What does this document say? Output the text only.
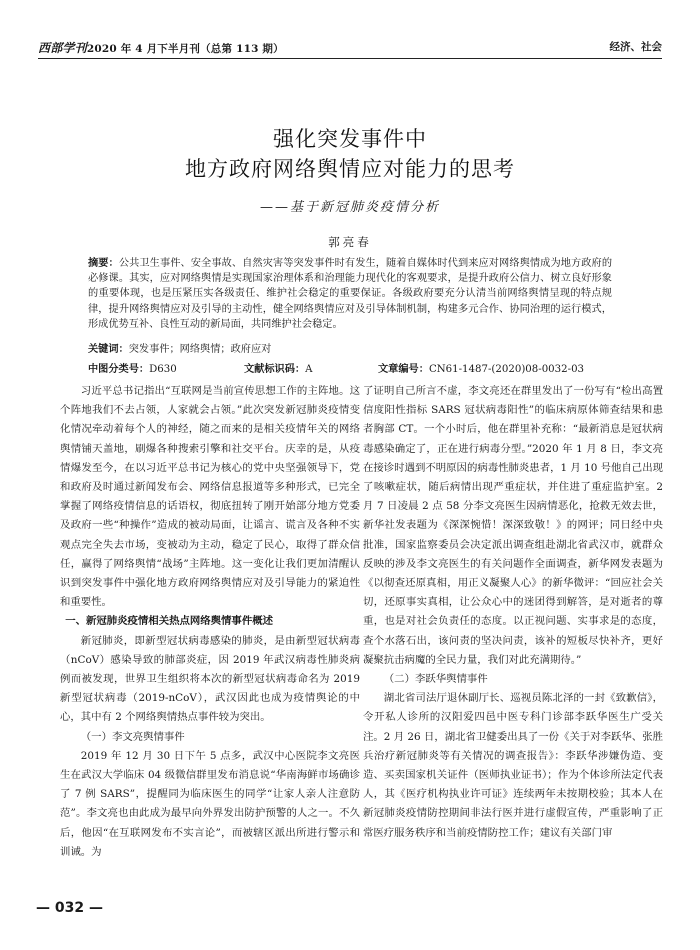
西部学刊2020 年 4 月下半月刊（总第 113 期）	经济、社会
强化突发事件中
地方政府网络舆情应对能力的思考
——基于新冠肺炎疫情分析
郭亮春
摘要：公共卫生事件、安全事故、自然灾害等突发事件时有发生，随着自媒体时代到来应对网络舆情成为地方政府的必修课。其实，应对网络舆情是实现国家治理体系和治理能力现代化的客观要求，是提升政府公信力、树立良好形象的重要体现，也是压紧压实各级责任、维护社会稳定的重要保证。各级政府要充分认清当前网络舆情呈现的特点规律，提升网络舆情应对及引导的主动性，健全网络舆情应对及引导体制机制，构建多元合作、协同治理的运行模式，形成优势互补、良性互动的新局面，共同维护社会稳定。
关键词：突发事件；网络舆情；政府应对
中图分类号：D630	文献标识码：A	文章编号：CN61-1487-(2020)08-0032-03

习近平总书记指出“互联网是当前宣传思想工作的主阵地。这个阵地我们不去占领，人家就会占领。”此次突发新冠肺炎疫情变化情况牵动着每个人的神经，随之而来的是相关疫情年关的网络舆情铺天盖地，刷爆各种搜索引擎和社交平台。庆幸的是，从疫情爆发至今，在以习近平总书记为核心的党中央坚强领导下，党和政府及时通过新闻发布会、网络信息报道等多种形式，已完全掌握了网络疫情信息的话语权，彻底扭转了刚开始部分地方党委及政府一些“种操作”造成的被动局面，让谣言、谎言及各种不实观点完全失去市场，变被动为主动，稳定了民心，取得了群众信任，赢得了网络舆情“战场”主阵地。这一变化让我们更加清醒认识到突发事件中强化地方政府网络舆情应对及引导能力的紧迫性和重要性。

一、新冠肺炎疫情相关热点网络舆情事件概述

新冠肺炎，即新型冠状病毒感染的肺炎，是由新型冠状病毒（nCoV）感染导致的肺部炎症，因 2019 年武汉病毒性肺炎病例而被发现，世界卫生组织将本次的新型冠状病毒命名为 2019 新型冠状病毒（2019-nCoV），武汉因此也成为疫情舆论的中心，其中有 2 个网络舆情热点事件较为突出。

（一）李文亮舆情事件

2019 年 12 月 30 日下午 5 点多，武汉中心医院李文亮医生在武汉大学临床 04 级微信群里发布消息说“华南海鲜市场确诊了 7 例 SARS”，提醒同为临床医生的同学“让家人亲人注意防范”。李文亮也由此成为最早向外界发出防护预警的人之一。不久后，他因“在互联网发布不实言论”，而被辖区派出所进行警示和训诫。为

了证明自己所言不虚，李文亮还在群里发出了一份写有“检出高置信度阳性指标 SARS 冠状病毒阳性”的临床病原体筛查结果和患者胸部 CT。一个小时后，他在群里补充称：“最新消息是冠状病毒感染确定了，正在进行病毒分型。”2020 年 1 月 8 日，李文亮在接诊时遇到不明原因的病毒性肺炎患者，1 月 10 号他自己出现了咳嗽症状，随后病情出现严重症状，并住进了重症监护室。2 月 7 日凌晨 2 点 58 分李文亮医生因病情恶化，抢救无效去世，新华社发表题为《深深惋惜！深深致敬！》的网评；同日经中央批准，国家监察委员会决定派出调查组赴湖北省武汉市，就群众反映的涉及李文亮医生的有关问题作全面调查，新华网发表题为《以彻查还原真相，用正义凝聚人心》的新华微评：“回应社会关切，还原事实真相，让公众心中的迷团得到解答，是对逝者的尊重，也是对社会负责任的态度。以正视问题、实事求是的态度，查个水落石出，该问责的坚决问责，该补的短板尽快补齐，更好凝聚抗击病魔的全民力量，我们对此充满期待。”

（二）李跃华舆情事件

湖北省司法厅退休副厅长、巡视员陈北泽的一封《致歉信》，令开私人诊所的汉阳爱四邑中医专科门诊部李跃华医生广受关注。2 月 26 日，湖北省卫健委出具了一份《关于对李跃华、张胜兵治疗新冠肺炎等有关情况的调查报告》：李跃华涉嫌伪造、变造、买卖国家机关证件（医师执业证书）；作为个体诊所法定代表人，其《医疗机构执业许可证》连续两年未按期校验；其本人在新冠肺炎疫情防控期间非法行医并进行虚假宣传，严重影响了正常医疗服务秩序和当前疫情防控工作；建议有关部门审

— 032 —
